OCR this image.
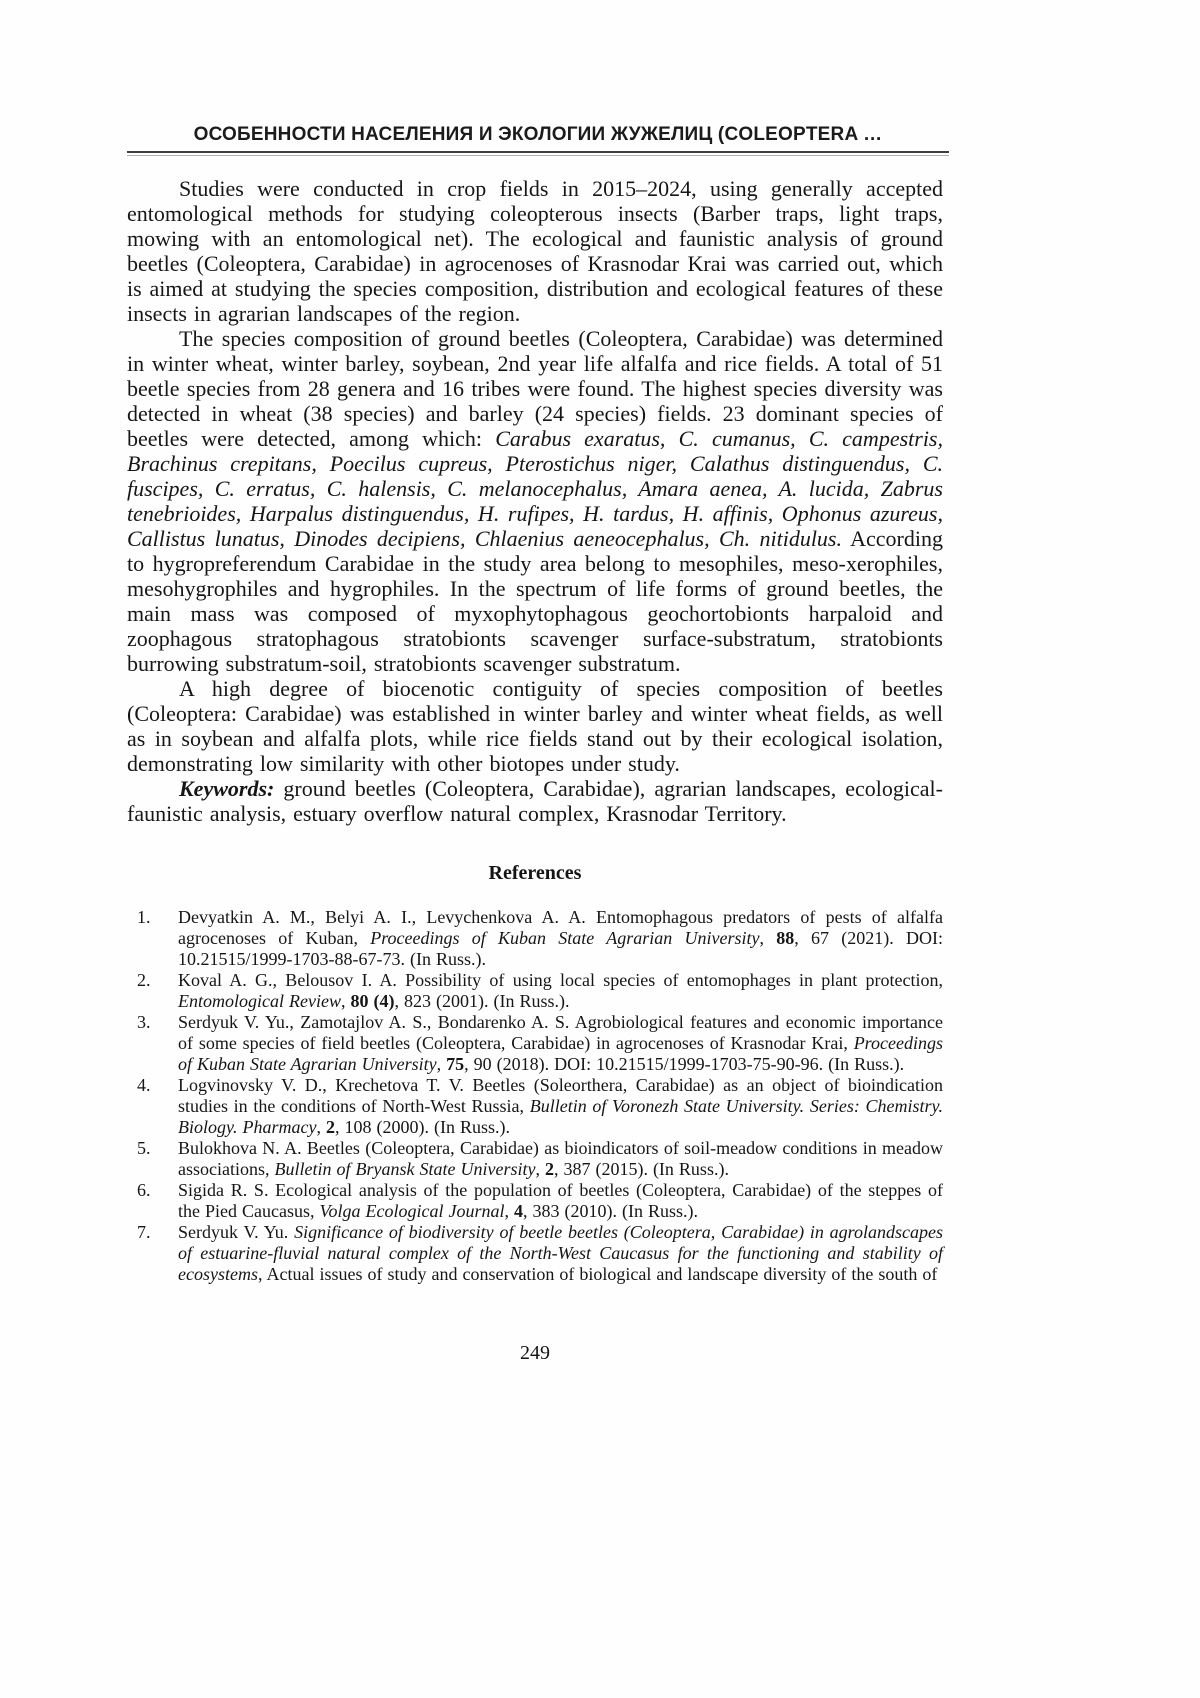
ОСОБЕННОСТИ НАСЕЛЕНИЯ И ЭКОЛОГИИ ЖУЖЕЛИЦ (COLEOPTERA …

Studies were conducted in crop fields in 2015–2024, using generally accepted entomological methods for studying coleopterous insects (Barber traps, light traps, mowing with an entomological net). The ecological and faunistic analysis of ground beetles (Coleoptera, Carabidae) in agrocenoses of Krasnodar Krai was carried out, which is aimed at studying the species composition, distribution and ecological features of these insects in agrarian landscapes of the region.

The species composition of ground beetles (Coleoptera, Carabidae) was determined in winter wheat, winter barley, soybean, 2nd year life alfalfa and rice fields. A total of 51 beetle species from 28 genera and 16 tribes were found. The highest species diversity was detected in wheat (38 species) and barley (24 species) fields. 23 dominant species of beetles were detected, among which: Carabus exaratus, C. cumanus, C. campestris, Brachinus crepitans, Poecilus cupreus, Pterostichus niger, Calathus distinguendus, C. fuscipes, C. erratus, C. halensis, C. melanocephalus, Amara aenea, A. lucida, Zabrus tenebrioides, Harpalus distinguendus, H. rufipes, H. tardus, H. affinis, Ophonus azureus, Callistus lunatus, Dinodes decipiens, Chlaenius aeneocephalus, Ch. nitidulus. According to hygropreferendum Carabidae in the study area belong to mesophiles, meso-xerophiles, mesohygrophiles and hygrophiles. In the spectrum of life forms of ground beetles, the main mass was composed of myxophytophagous geochortobionts harpaloid and zoophagous stratophagous stratobionts scavenger surface-substratum, stratobionts burrowing substratum-soil, stratobionts scavenger substratum.

A high degree of biocenotic contiguity of species composition of beetles (Coleoptera: Carabidae) was established in winter barley and winter wheat fields, as well as in soybean and alfalfa plots, while rice fields stand out by their ecological isolation, demonstrating low similarity with other biotopes under study.

Keywords: ground beetles (Coleoptera, Carabidae), agrarian landscapes, ecological-faunistic analysis, estuary overflow natural complex, Krasnodar Territory.

References
1. Devyatkin A. M., Belyi A. I., Levychenkova A. A. Entomophagous predators of pests of alfalfa agrocenoses of Kuban, Proceedings of Kuban State Agrarian University, 88, 67 (2021). DOI: 10.21515/1999-1703-88-67-73. (In Russ.).
2. Koval A. G., Belousov I. A. Possibility of using local species of entomophages in plant protection, Entomological Review, 80 (4), 823 (2001). (In Russ.).
3. Serdyuk V. Yu., Zamotajlov A. S., Bondarenko A. S. Agrobiological features and economic importance of some species of field beetles (Coleoptera, Carabidae) in agrocenoses of Krasnodar Krai, Proceedings of Kuban State Agrarian University, 75, 90 (2018). DOI: 10.21515/1999-1703-75-90-96. (In Russ.).
4. Logvinovsky V. D., Krechetova T. V. Beetles (Soleorthera, Carabidae) as an object of bioindication studies in the conditions of North-West Russia, Bulletin of Voronezh State University. Series: Chemistry. Biology. Pharmacy, 2, 108 (2000). (In Russ.).
5. Bulokhova N. A. Beetles (Coleoptera, Carabidae) as bioindicators of soil-meadow conditions in meadow associations, Bulletin of Bryansk State University, 2, 387 (2015). (In Russ.).
6. Sigida R. S. Ecological analysis of the population of beetles (Coleoptera, Carabidae) of the steppes of the Pied Caucasus, Volga Ecological Journal, 4, 383 (2010). (In Russ.).
7. Serdyuk V. Yu. Significance of biodiversity of beetle beetles (Coleoptera, Carabidae) in agrolandscapes of estuarine-fluvial natural complex of the North-West Caucasus for the functioning and stability of ecosystems, Actual issues of study and conservation of biological and landscape diversity of the south of
249
